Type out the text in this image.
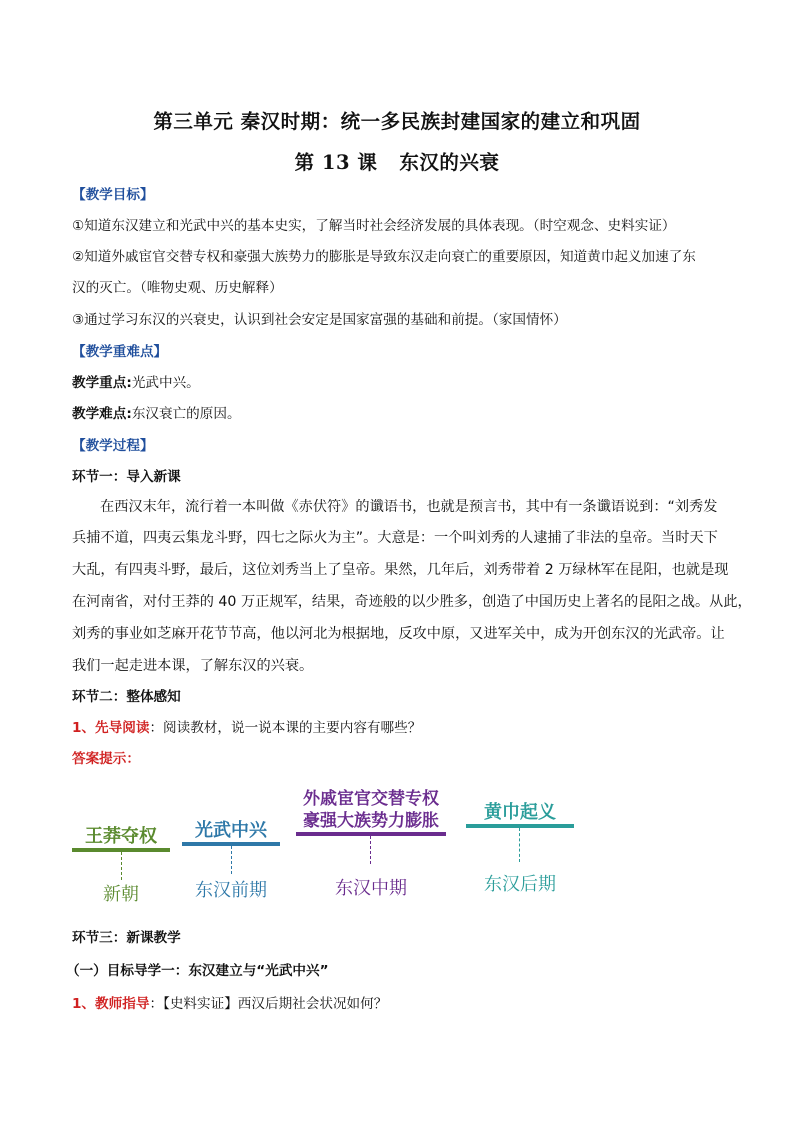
第三单元 秦汉时期：统一多民族封建国家的建立和巩固
第 13 课 东汉的兴衰
【教学目标】
①知道东汉建立和光武中兴的基本史实，了解当时社会经济发展的具体表现。（时空观念、史料实证）
②知道外戚宦官交替专权和豪强大族势力的膨胀是导致东汉走向衰亡的重要原因，知道黄巾起义加速了东
汉的灭亡。（唯物史观、历史解释）
③通过学习东汉的兴衰史，认识到社会安定是国家富强的基础和前提。（家国情怀）
【教学重难点】
教学重点:光武中兴。
教学难点:东汉衰亡的原因。
【教学过程】
环节一：导入新课
在西汉末年，流行着一本叫做《赤伏符》的谶语书，也就是预言书，其中有一条谶语说到：“刘秀发
兵捕不道，四夷云集龙斗野，四七之际火为主”。大意是：一个叫刘秀的人逮捕了非法的皇帝。当时天下
大乱，有四夷斗野，最后，这位刘秀当上了皇帝。果然，几年后，刘秀带着 2 万绿林军在昆阳，也就是现
在河南省，对付王莽的 40 万正规军，结果，奇迹般的以少胜多，创造了中国历史上著名的昆阳之战。从此，
刘秀的事业如芝麻开花节节高，他以河北为根据地，反攻中原，又进军关中，成为开创东汉的光武帝。让
我们一起走进本课，了解东汉的兴衰。
环节二：整体感知
1、先导阅读：阅读教材，说一说本课的主要内容有哪些？
答案提示：
王莽夺权
新朝
光武中兴
东汉前期
外戚宦官交替专权
豪强大族势力膨胀
东汉中期
黄巾起义
东汉后期
环节三：新课教学
（一）目标导学一：东汉建立与“光武中兴”
1、教师指导：【史料实证】西汉后期社会状况如何？
